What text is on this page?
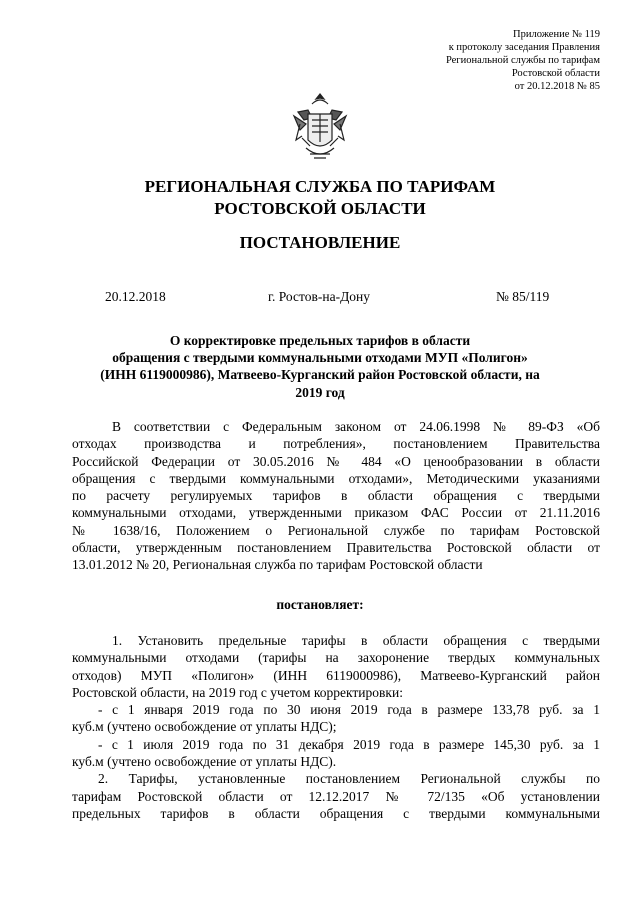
Приложение № 119
к протоколу заседания Правления
Региональной службы по тарифам
Ростовской области
от 20.12.2018 № 85
РЕГИОНАЛЬНАЯ СЛУЖБА ПО ТАРИФАМ
РОСТОВСКОЙ ОБЛАСТИ
ПОСТАНОВЛЕНИЕ
20.12.2018	г. Ростов-на-Дону	№ 85/119
О корректировке предельных тарифов в области
обращения с твердыми коммунальными отходами МУП «Полигон»
(ИНН 6119000986), Матвеево-Курганский район Ростовской области, на
2019 год

В соответствии с Федеральным законом от 24.06.1998 № 89-ФЗ «Об

отходах производства и потребления», постановлением Правительства

Российской Федерации от 30.05.2016 № 484 «О ценообразовании в области

обращения с твердыми коммунальными отходами», Методическими указаниями

по расчету регулируемых тарифов в области обращения с твердыми

коммунальными отходами, утвержденными приказом ФАС России от 21.11.2016

№ 1638/16, Положением о Региональной службе по тарифам Ростовской

области, утвержденным постановлением Правительства Ростовской области от

13.01.2012 № 20, Региональная служба по тарифам Ростовской области

постановляет:

1. Установить предельные тарифы в области обращения с твердыми

коммунальными отходами (тарифы на захоронение твердых коммунальных

отходов) МУП «Полигон» (ИНН 6119000986), Матвеево-Курганский район

Ростовской области, на 2019 год с учетом корректировки:

- с 1 января 2019 года по 30 июня 2019 года в размере 133,78 руб. за 1

куб.м (учтено освобождение от уплаты НДС);

- с 1 июля 2019 года по 31 декабря 2019 года в размере 145,30 руб. за 1

куб.м (учтено освобождение от уплаты НДС).

2. Тарифы, установленные постановлением Региональной службы по

тарифам Ростовской области от 12.12.2017 № 72/135 «Об установлении

предельных тарифов в области обращения с твердыми коммунальными
